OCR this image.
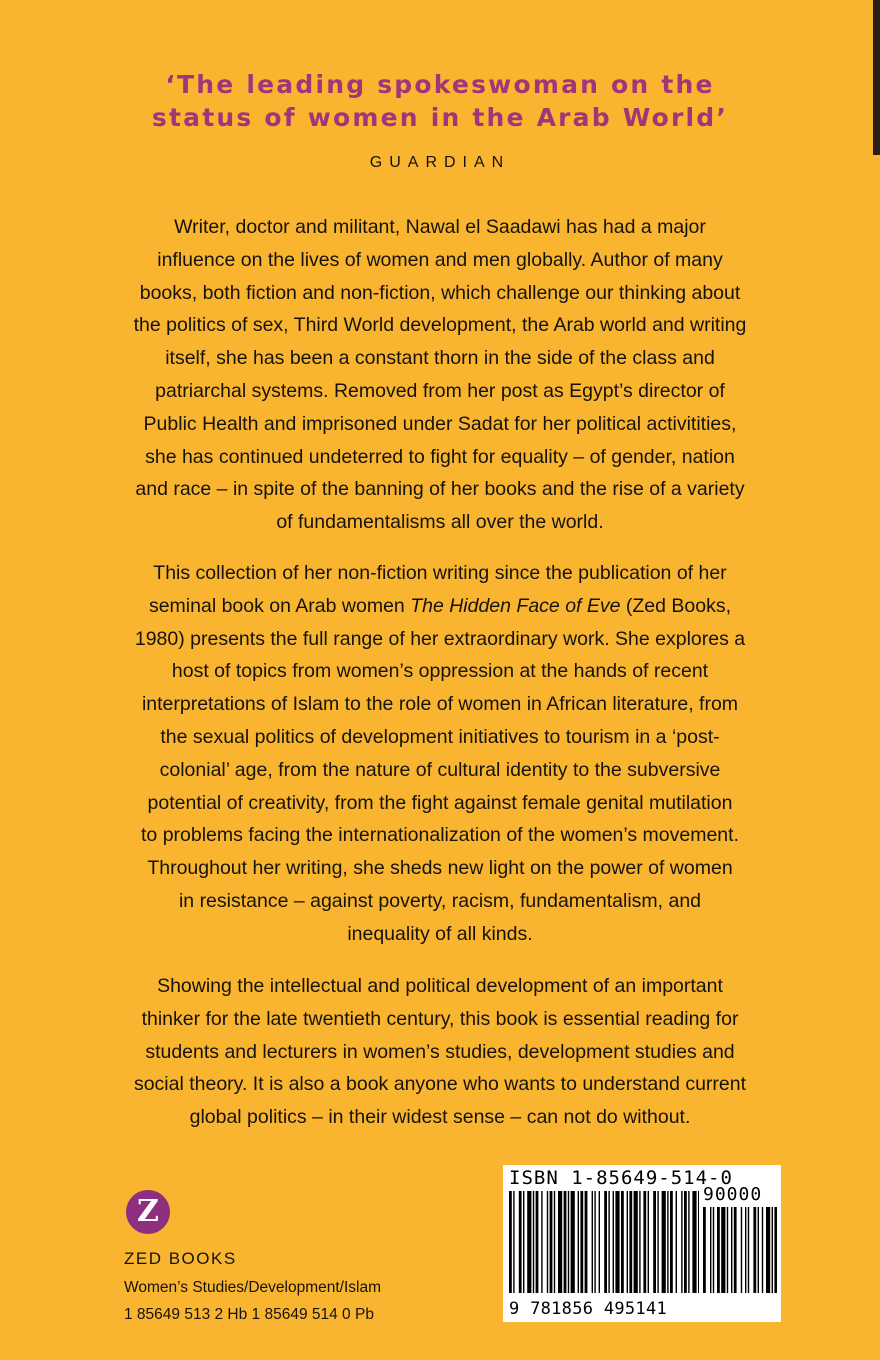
‘The leading spokeswoman on the
status of women in the Arab World’
GUARDIAN
Writer, doctor and militant, Nawal el Saadawi has had a major
influence on the lives of women and men globally. Author of many
books, both fiction and non-fiction, which challenge our thinking about
the politics of sex, Third World development, the Arab world and writing
itself, she has been a constant thorn in the side of the class and
patriarchal systems. Removed from her post as Egypt’s director of
Public Health and imprisoned under Sadat for her political activitities,
she has continued undeterred to fight for equality – of gender, nation
and race – in spite of the banning of her books and the rise of a variety
of fundamentalisms all over the world.
This collection of her non-fiction writing since the publication of her
seminal book on Arab women The Hidden Face of Eve (Zed Books,
1980) presents the full range of her extraordinary work. She explores a
host of topics from women’s oppression at the hands of recent
interpretations of Islam to the role of women in African literature, from
the sexual politics of development initiatives to tourism in a ‘post-
colonial’ age, from the nature of cultural identity to the subversive
potential of creativity, from the fight against female genital mutilation
to problems facing the internationalization of the women’s movement.
Throughout her writing, she sheds new light on the power of women
in resistance – against poverty, racism, fundamentalism, and
inequality of all kinds.
Showing the intellectual and political development of an important
thinker for the late twentieth century, this book is essential reading for
students and lecturers in women’s studies, development studies and
social theory. It is also a book anyone who wants to understand current
global politics – in their widest sense – can not do without.
Z
ZED BOOKS
Women’s Studies/Development/Islam
1 85649 513 2 Hb 1 85649 514 0 Pb
ISBN 1-85649-514-0
90000
9 781856 495141
